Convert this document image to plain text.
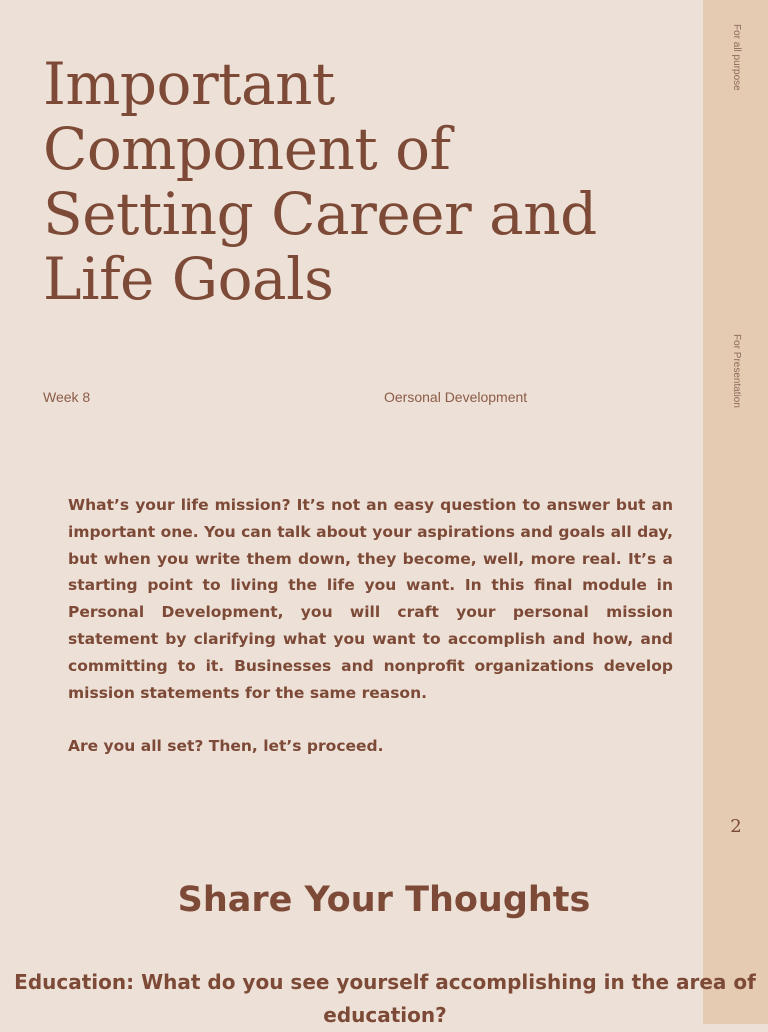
For all purpose
For Presentation
2
Important Component of Setting Career and Life Goals
Week 8	Oersonal Development

What’s your life mission? It’s not an easy question to answer but an important one. You can talk about your aspirations and goals all day, but when you write them down, they become, well, more real. It’s a starting point to living the life you want. In this final module in Personal Development, you will craft your personal mission statement by clarifying what you want to accomplish and how, and committing to it. Businesses and nonprofit organizations develop mission statements for the same reason.

Are you all set? Then, let’s proceed.

Share Your Thoughts
Education: What do you see yourself accomplishing in the area of education?
